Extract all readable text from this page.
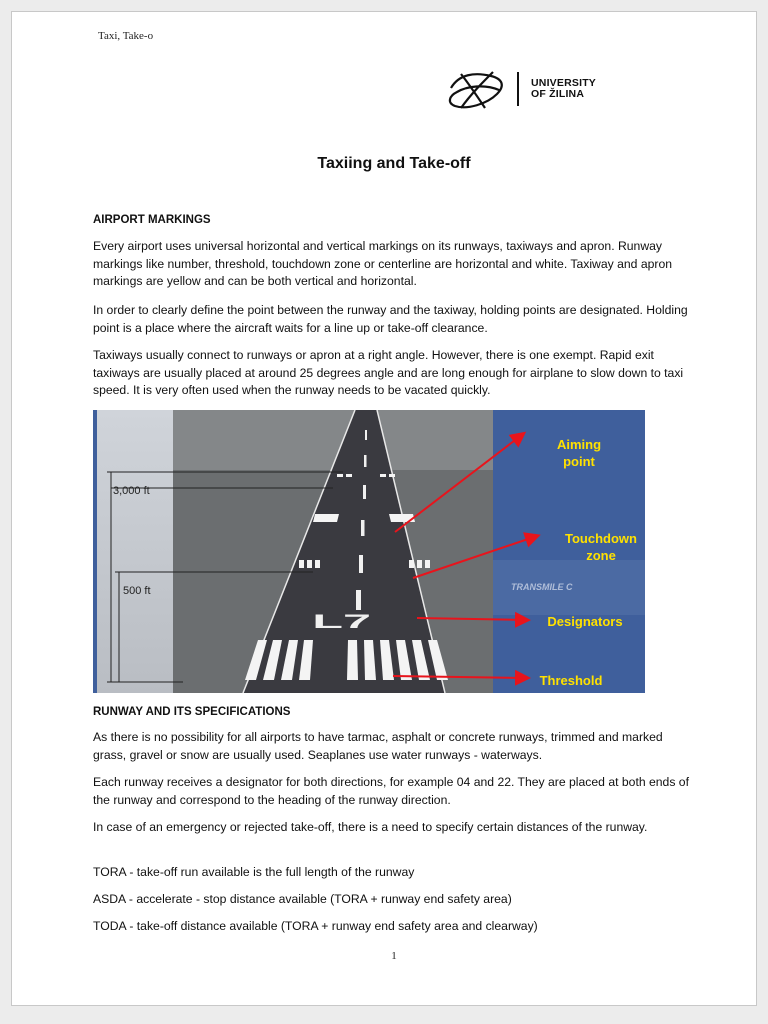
Taxi, Take-o
UNIVERSITY
OF ŽILINA
Taxiing and Take-off
AIRPORT MARKINGS

Every airport uses universal horizontal and vertical markings on its runways, taxiways and apron. Runway markings like number, threshold, touchdown zone or centerline are horizontal and white. Taxiway and apron markings are yellow and can be both vertical and horizontal.

In order to clearly define the point between the runway and the taxiway, holding points are designated. Holding point is a place where the aircraft waits for a line up or take-off clearance.

Taxiways usually connect to runways or apron at a right angle. However, there is one exempt. Rapid exit taxiways are usually placed at around 25 degrees angle and are long enough for airplane to slow down to taxi speed. It is very often used when the runway needs to be vacated quickly.

L7
TRANSMILE C
3,000 ft
500 ft
Aiming
point
Touchdown
zone
Designators
Threshold
RUNWAY AND ITS SPECIFICATIONS

As there is no possibility for all airports to have tarmac, asphalt or concrete runways, trimmed and marked grass, gravel or snow are usually used. Seaplanes use water runways - waterways.

Each runway receives a designator for both directions, for example 04 and 22. They are placed at both ends of the runway and correspond to the heading of the runway direction.

In case of an emergency or rejected take-off, there is a need to specify certain distances of the runway.

TORA - take-off run available is the full length of the runway

ASDA - accelerate - stop distance available (TORA + runway end safety area)

TODA - take-off distance available (TORA + runway end safety area and clearway)

1
